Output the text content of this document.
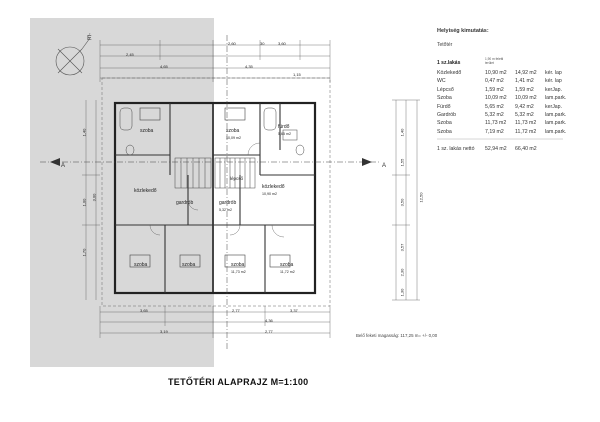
É
A	A
2,60	30	3,60
2,45
4,35
4,65
1,15
2,77
4,36
3,37
3,65
3,19	2,77
1,40
1,55
3,50	12,50
3,57
2,30
1,30
1,40
1,00
1,70
3,00
szoba
fürdő
lépcső
közlekedő
gardrób
szoba	szoba
szoba
szoba	szoba
gardrób
közlekedő
10,09 m2
5,65 m2
10,90 m2
5,32 m2
11,73 m2	11,72 m2
Helyiség kimutatás:
Tetőtér
1 sz.lakás
1,90 m feletti terület
Közlekedő	10,90 m2 14,92 m2 kér. lap
WC	0,47 m2 1,41 m2 kér. lap
Lépcső	1,59 m2 1,59 m2 kerJap.
Szoba	10,09 m2 10,09 m2 lam.park.
Fürdő	5,65 m2 9,42 m2 kerJap.
Gardrób	5,32 m2 5,32 m2 lam.park.
Szoba	11,73 m2 11,73 m2 lam.park.
Szoba	7,19 m2 11,72 m2 lam.park.
1 sz. lakás nettó 52,94 m2 66,40 m2
Belő feketi magasság: 117,25 m= +/- 0,00
TETŐTÉRI ALAPRAJZ M=1:100
